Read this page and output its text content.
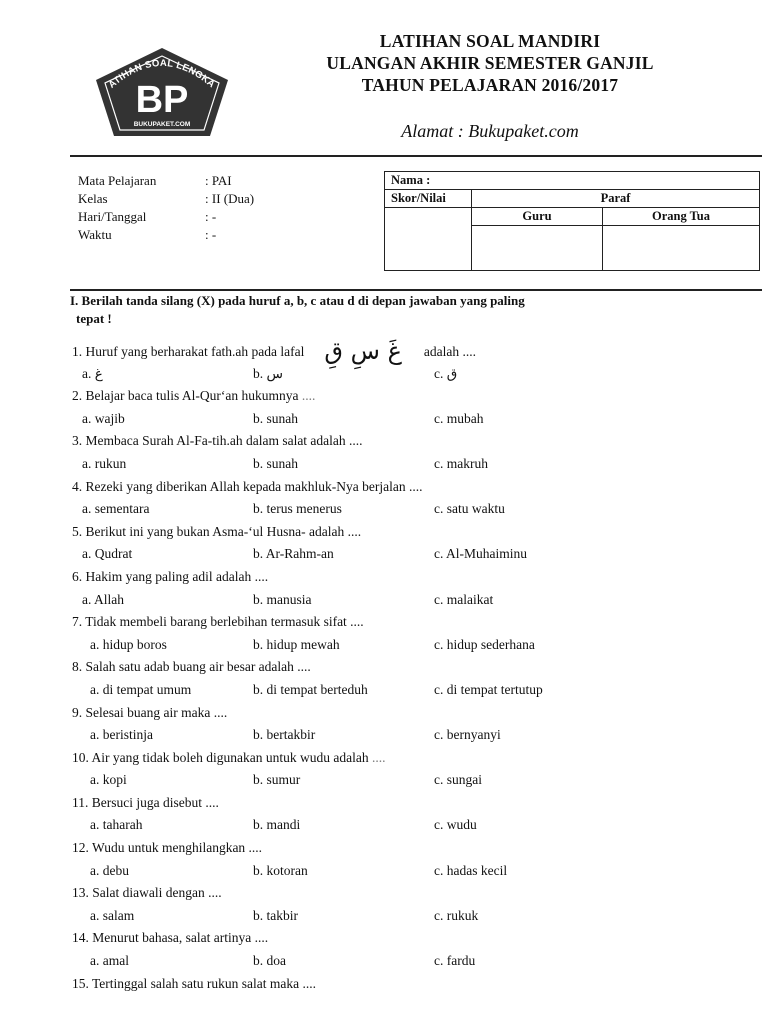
ATIHAN SOAL LENGKA
BP
BUKUPAKET.COM
LATIHAN SOAL MANDIRI
ULANGAN AKHIR SEMESTER GANJIL
TAHUN PELAJARAN 2016/2017
Alamat : Bukupaket.com
Mata Pelajaran	: PAI
Kelas	: II (Dua)
Hari/Tanggal	: -
Waktu	: -
Nama :		
Skor/Nilai	Paraf	
	Guru	Orang Tua

I. Berilah tanda silang (X) pada huruf a, b, c atau d di depan jawaban yang paling
tepat !
1. Huruf yang berharakat fath.ah pada lafal غَ سِ قِ adalah ....
a. غ	b. س	c. ق
2. Belajar baca tulis Al-Qur‘an hukumnya ....
a. wajib	b. sunah	c. mubah
3. Membaca Surah Al-Fa-tih.ah dalam salat adalah ....
a. rukun	b. sunah	c. makruh
4. Rezeki yang diberikan Allah kepada makhluk-Nya berjalan ....
a. sementara	b. terus menerus	c. satu waktu
5. Berikut ini yang bukan Asma-‘ul Husna- adalah ....
a. Qudrat	b. Ar-Rahm-an	c. Al-Muhaiminu
6. Hakim yang paling adil adalah ....
a. Allah	b. manusia	c. malaikat
7. Tidak membeli barang berlebihan termasuk sifat ....
a. hidup boros	b. hidup mewah	c. hidup sederhana
8. Salah satu adab buang air besar adalah ....
a. di tempat umum	b. di tempat berteduh	c. di tempat tertutup
9. Selesai buang air maka ....
a. beristinja	b. bertakbir	c. bernyanyi
10. Air yang tidak boleh digunakan untuk wudu adalah ....
a. kopi	b. sumur	c. sungai
11. Bersuci juga disebut ....
a. taharah	b. mandi	c. wudu
12. Wudu untuk menghilangkan ....
a. debu	b. kotoran	c. hadas kecil
13. Salat diawali dengan ....
a. salam	b. takbir	c. rukuk
14. Menurut bahasa, salat artinya ....
a. amal	b. doa	c. fardu
15. Tertinggal salah satu rukun salat maka ....
